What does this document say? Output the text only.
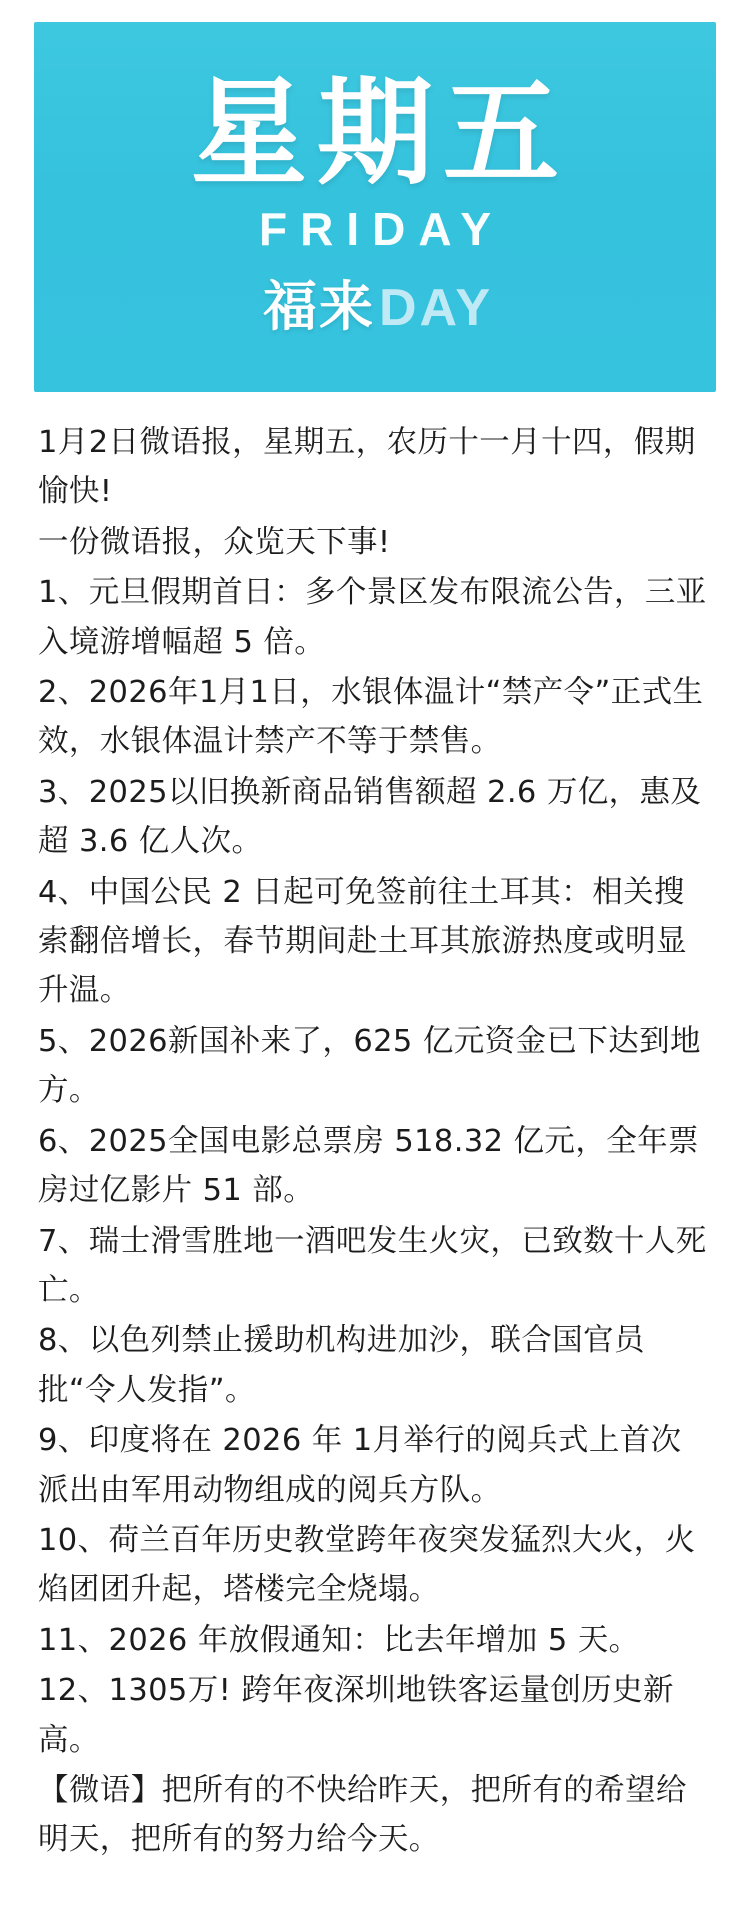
星期五
FRIDAY
福来 DAY

1月2日微语报，星期五，农历十一月十四，假期愉快!

一份微语报，众览天下事!

1、元旦假期首日：多个景区发布限流公告，三亚入境游增幅超 5 倍。

2、2026年1月1日，水银体温计“禁产令”正式生效，水银体温计禁产不等于禁售。

3、2025以旧换新商品销售额超 2.6 万亿，惠及超 3.6 亿人次。

4、中国公民 2 日起可免签前往土耳其：相关搜索翻倍增长，春节期间赴土耳其旅游热度或明显升温。

5、2026新国补来了，625 亿元资金已下达到地方。

6、2025全国电影总票房 518.32 亿元，全年票房过亿影片 51 部。

7、瑞士滑雪胜地一酒吧发生火灾，已致数十人死亡。

8、以色列禁止援助机构进加沙，联合国官员批“令人发指”。

9、印度将在 2026 年 1月举行的阅兵式上首次派出由军用动物组成的阅兵方队。

10、荷兰百年历史教堂跨年夜突发猛烈大火，火焰团团升起，塔楼完全烧塌。

11、2026 年放假通知：比去年增加 5 天。

12、1305万! 跨年夜深圳地铁客运量创历史新高。

【微语】把所有的不快给昨天，把所有的希望给明天，把所有的努力给今天。
